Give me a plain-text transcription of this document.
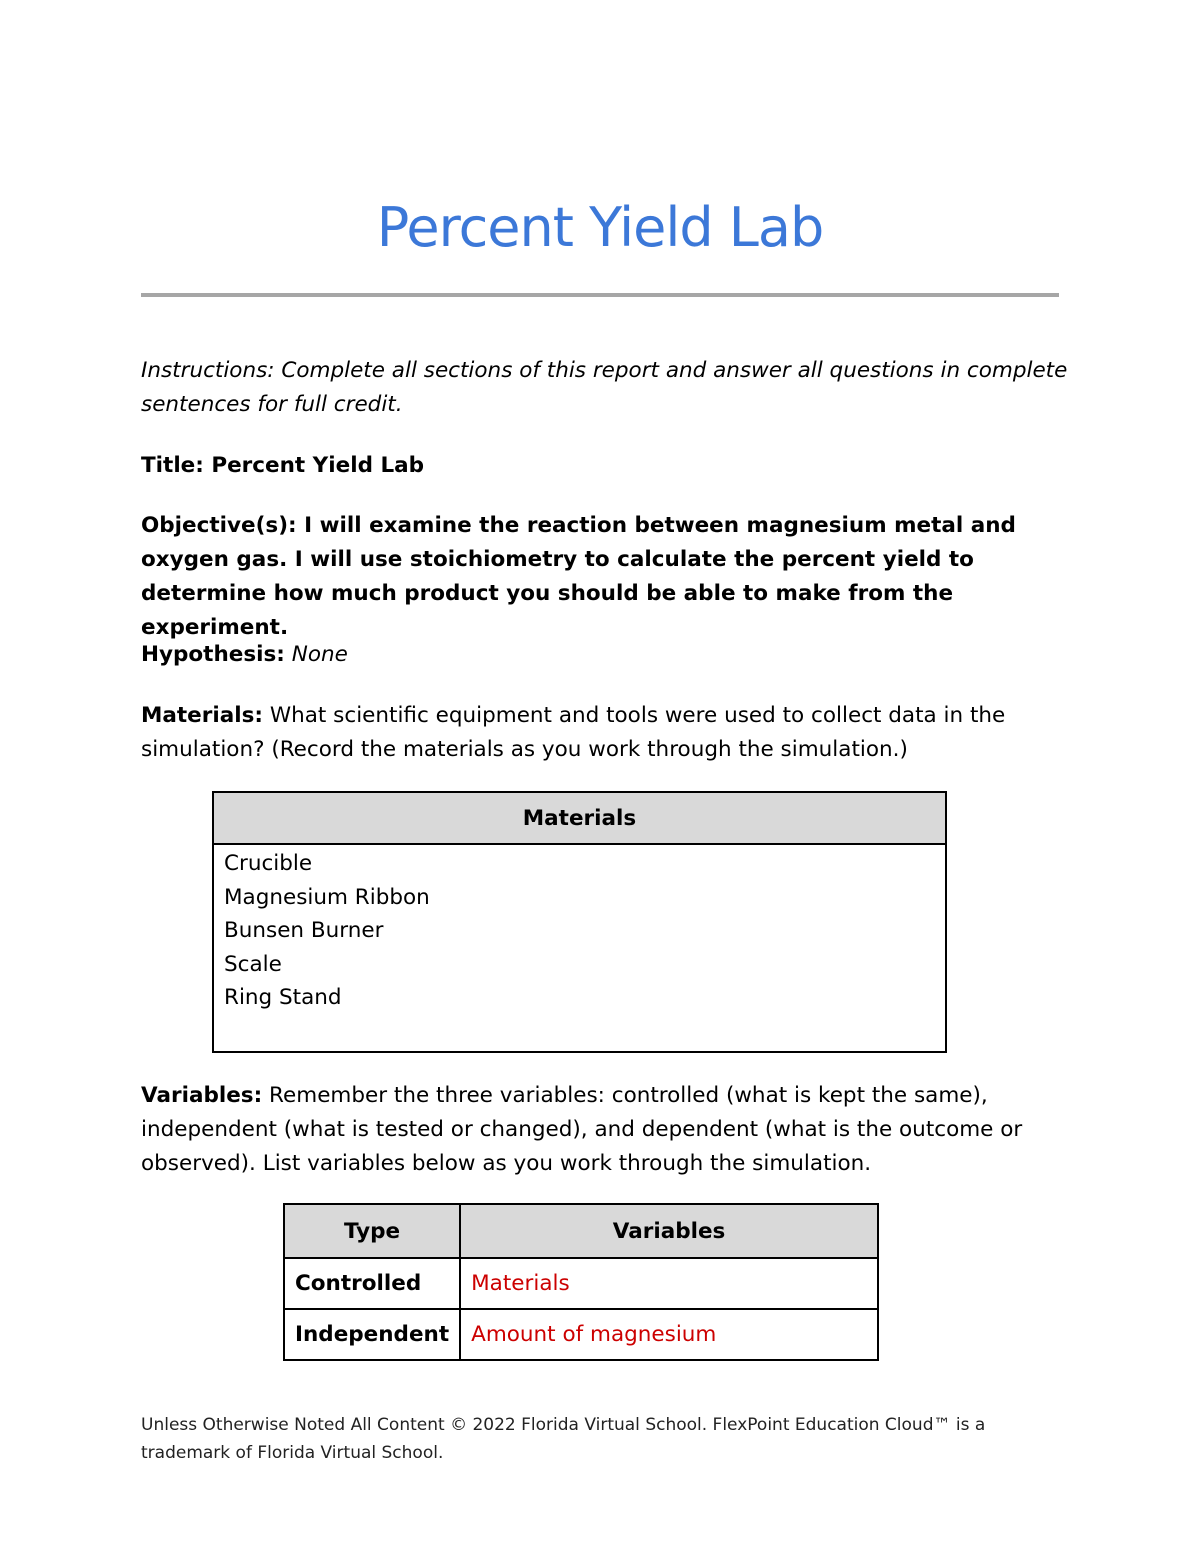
Percent Yield Lab
Instructions: Complete all sections of this report and answer all questions in complete sentences for full credit.
Title: Percent Yield Lab
Objective(s): I will examine the reaction between magnesium metal and oxygen gas. I will use stoichiometry to calculate the percent yield to determine how much product you should be able to make from the experiment.
Hypothesis: None
Materials: What scientific equipment and tools were used to collect data in the simulation? (Record the materials as you work through the simulation.)
Materials

Crucible
Magnesium Ribbon
Bunsen Burner
Scale
Ring Stand
Variables: Remember the three variables: controlled (what is kept the same), independent (what is tested or changed), and dependent (what is the outcome or observed). List variables below as you work through the simulation.
Type	Variables
Controlled	Materials
Independent	Amount of magnesium
Unless Otherwise Noted All Content © 2022 Florida Virtual School. FlexPoint Education Cloud™ is a trademark of Florida Virtual School.
